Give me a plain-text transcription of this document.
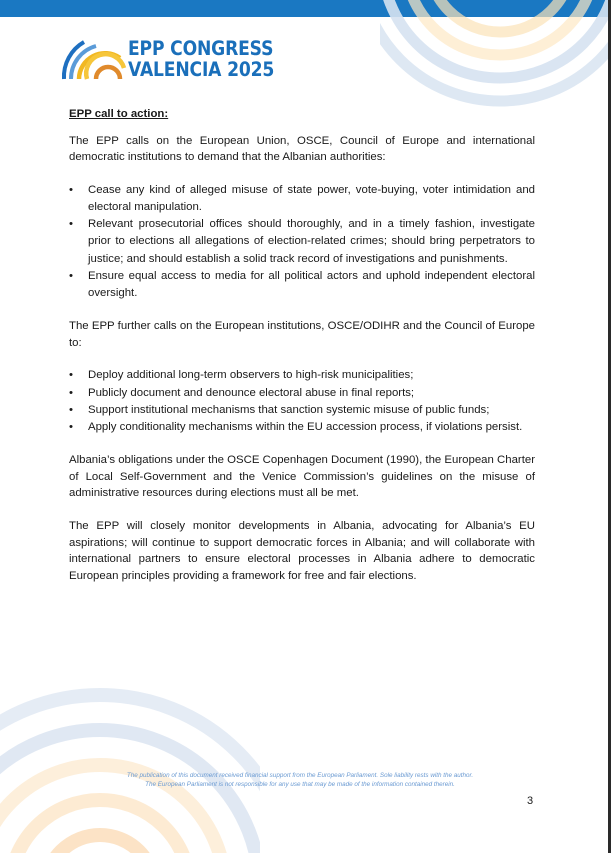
EPP CONGRESS
VALENCIA 2025
EPP call to action:

The EPP calls on the European Union, OSCE, Council of Europe and international democratic institutions to demand that the Albanian authorities:

•	Cease any kind of alleged misuse of state power, vote-buying, voter intimidation and electoral manipulation.
•	Relevant prosecutorial offices should thoroughly, and in a timely fashion, investigate prior to elections all allegations of election-related crimes; should bring perpetrators to justice; and should establish a solid track record of investigations and punishments.
•	Ensure equal access to media for all political actors and uphold independent electoral oversight.

The EPP further calls on the European institutions, OSCE/ODIHR and the Council of Europe to:

•	Deploy additional long-term observers to high-risk municipalities;
•	Publicly document and denounce electoral abuse in final reports;
•	Support institutional mechanisms that sanction systemic misuse of public funds;
•	Apply conditionality mechanisms within the EU accession process, if violations persist.

Albania’s obligations under the OSCE Copenhagen Document (1990), the European Charter of Local Self-Government and the Venice Commission’s guidelines on the misuse of administrative resources during elections must all be met.

The EPP will closely monitor developments in Albania, advocating for Albania’s EU aspirations; will continue to support democratic forces in Albania; and will collaborate with international partners to ensure electoral processes in Albania adhere to democratic European principles providing a framework for free and fair elections.

The publication of this document received financial support from the European Parliament. Sole liability rests with the author.
The European Parliament is not responsible for any use that may be made of the information contained therein.
3
